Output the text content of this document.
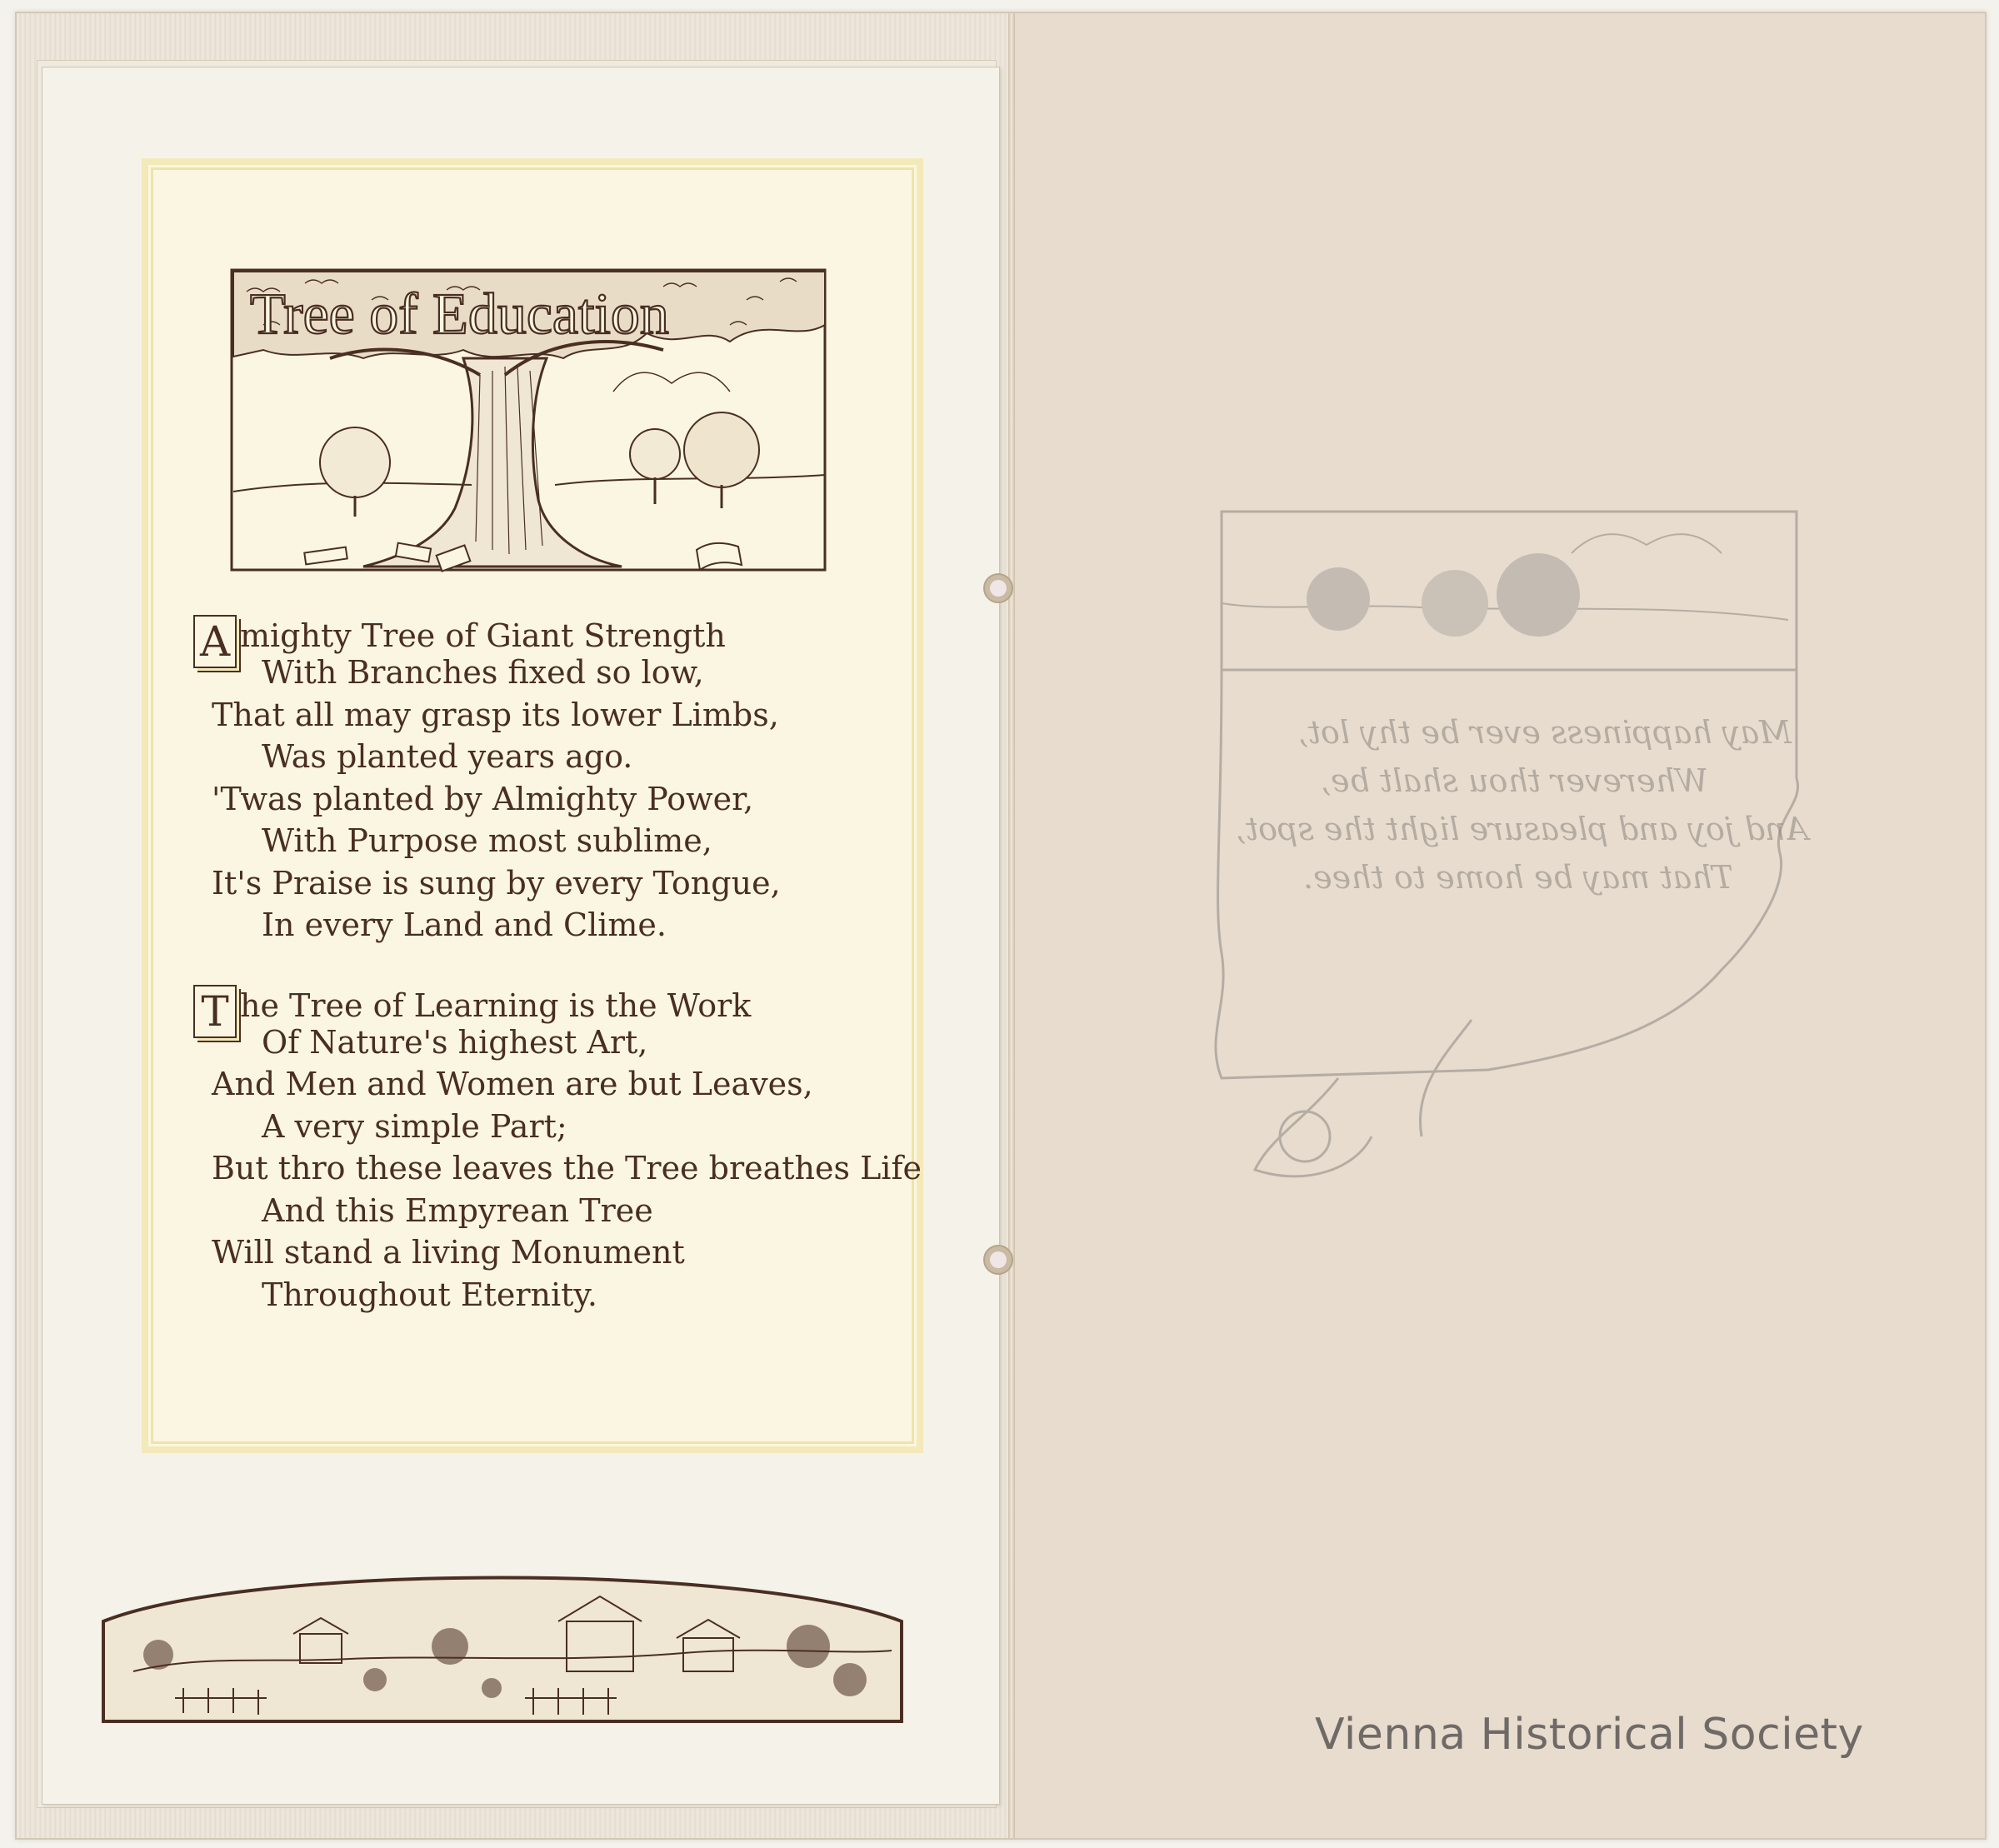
Tree of Education
A mighty Tree of Giant Strength
With Branches fixed so low,
That all may grasp its lower Limbs,
Was planted years ago.
'Twas planted by Almighty Power,
With Purpose most sublime,
It's Praise is sung by every Tongue,
In every Land and Clime.
T he Tree of Learning is the Work
Of Nature's highest Art,
And Men and Women are but Leaves,
A very simple Part;
But thro these leaves the Tree breathes Life
And this Empyrean Tree
Will stand a living Monument
Throughout Eternity.
May happiness ever be thy lot,
Wherever thou shalt be,
And joy and pleasure light the spot,
That may be home to thee.
Vienna Historical Society
